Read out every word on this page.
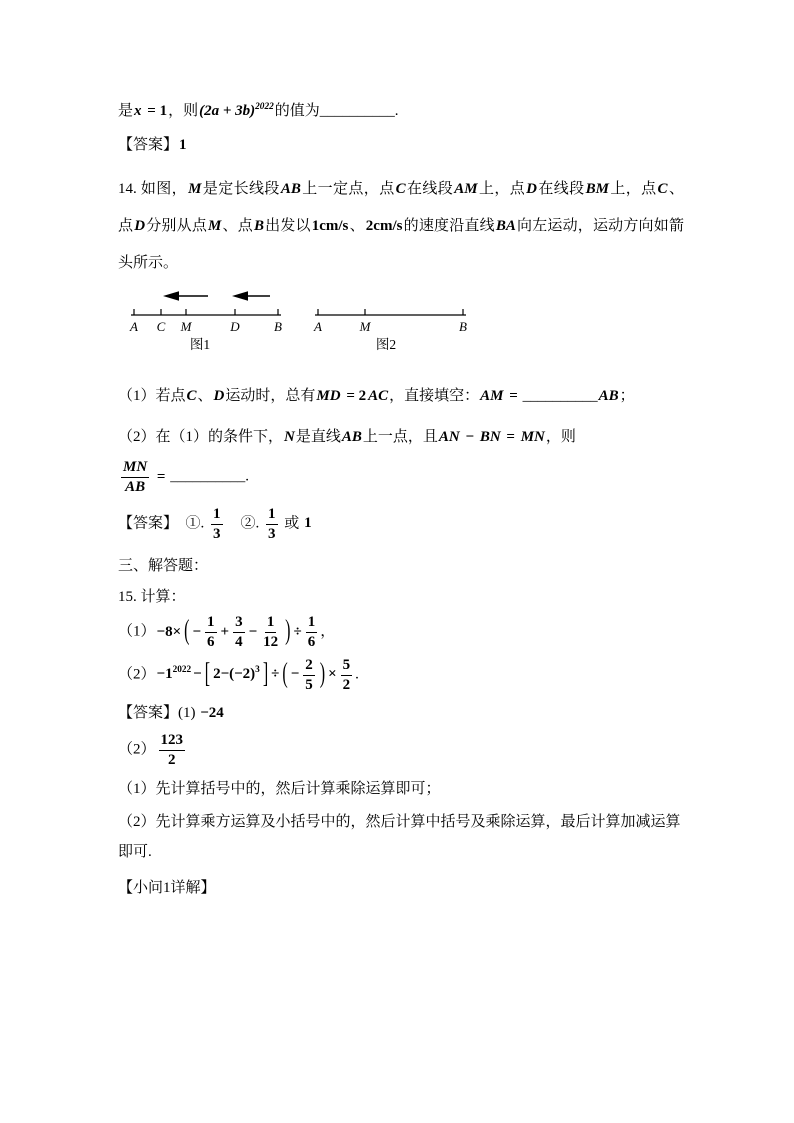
是x = 1，则$(2a + 3b)^{2022}$的值为__________.

【答案】1

14. 如图，M是定长线段AB上一定点，点C在线段AM上，点D在线段BM上，点C、点D分别从点M、点B出发以1cm/s、2cm/s的速度沿直线BA向左运动，运动方向如箭头所示。

A C M	D	B
图1
A	M	B
图2

（1）若点C、D运动时，总有MD = 2 AC，直接填空：AM = __________AB；

（2）在（1）的条件下，N是直线AB上一点，且AN − BN = MN，则

$\frac{MN}{AB}$ = __________.

【答案】　①. $\frac{1}{3}$ 　②. $\frac{1}{3}$ 或 1

三、解答题：

15. 计算：

（1）−8× ( − $\frac{1}{6} + \frac{3}{4} - \frac{1}{12}$ ) ÷ $\frac{1}{6}$ ，

$(2)-1^{2022}$ − [ $2-(-2)^3$ ] ÷ ( − $\frac{2}{5}$ ) × $\frac{5}{2}$ .

【答案】(1) −24

$(2) \frac{123}{2}$

（1）先计算括号中的，然后计算乘除运算即可；

（2）先计算乘方运算及小括号中的，然后计算中括号及乘除运算，最后计算加减运算即可.

【小问1详解】
